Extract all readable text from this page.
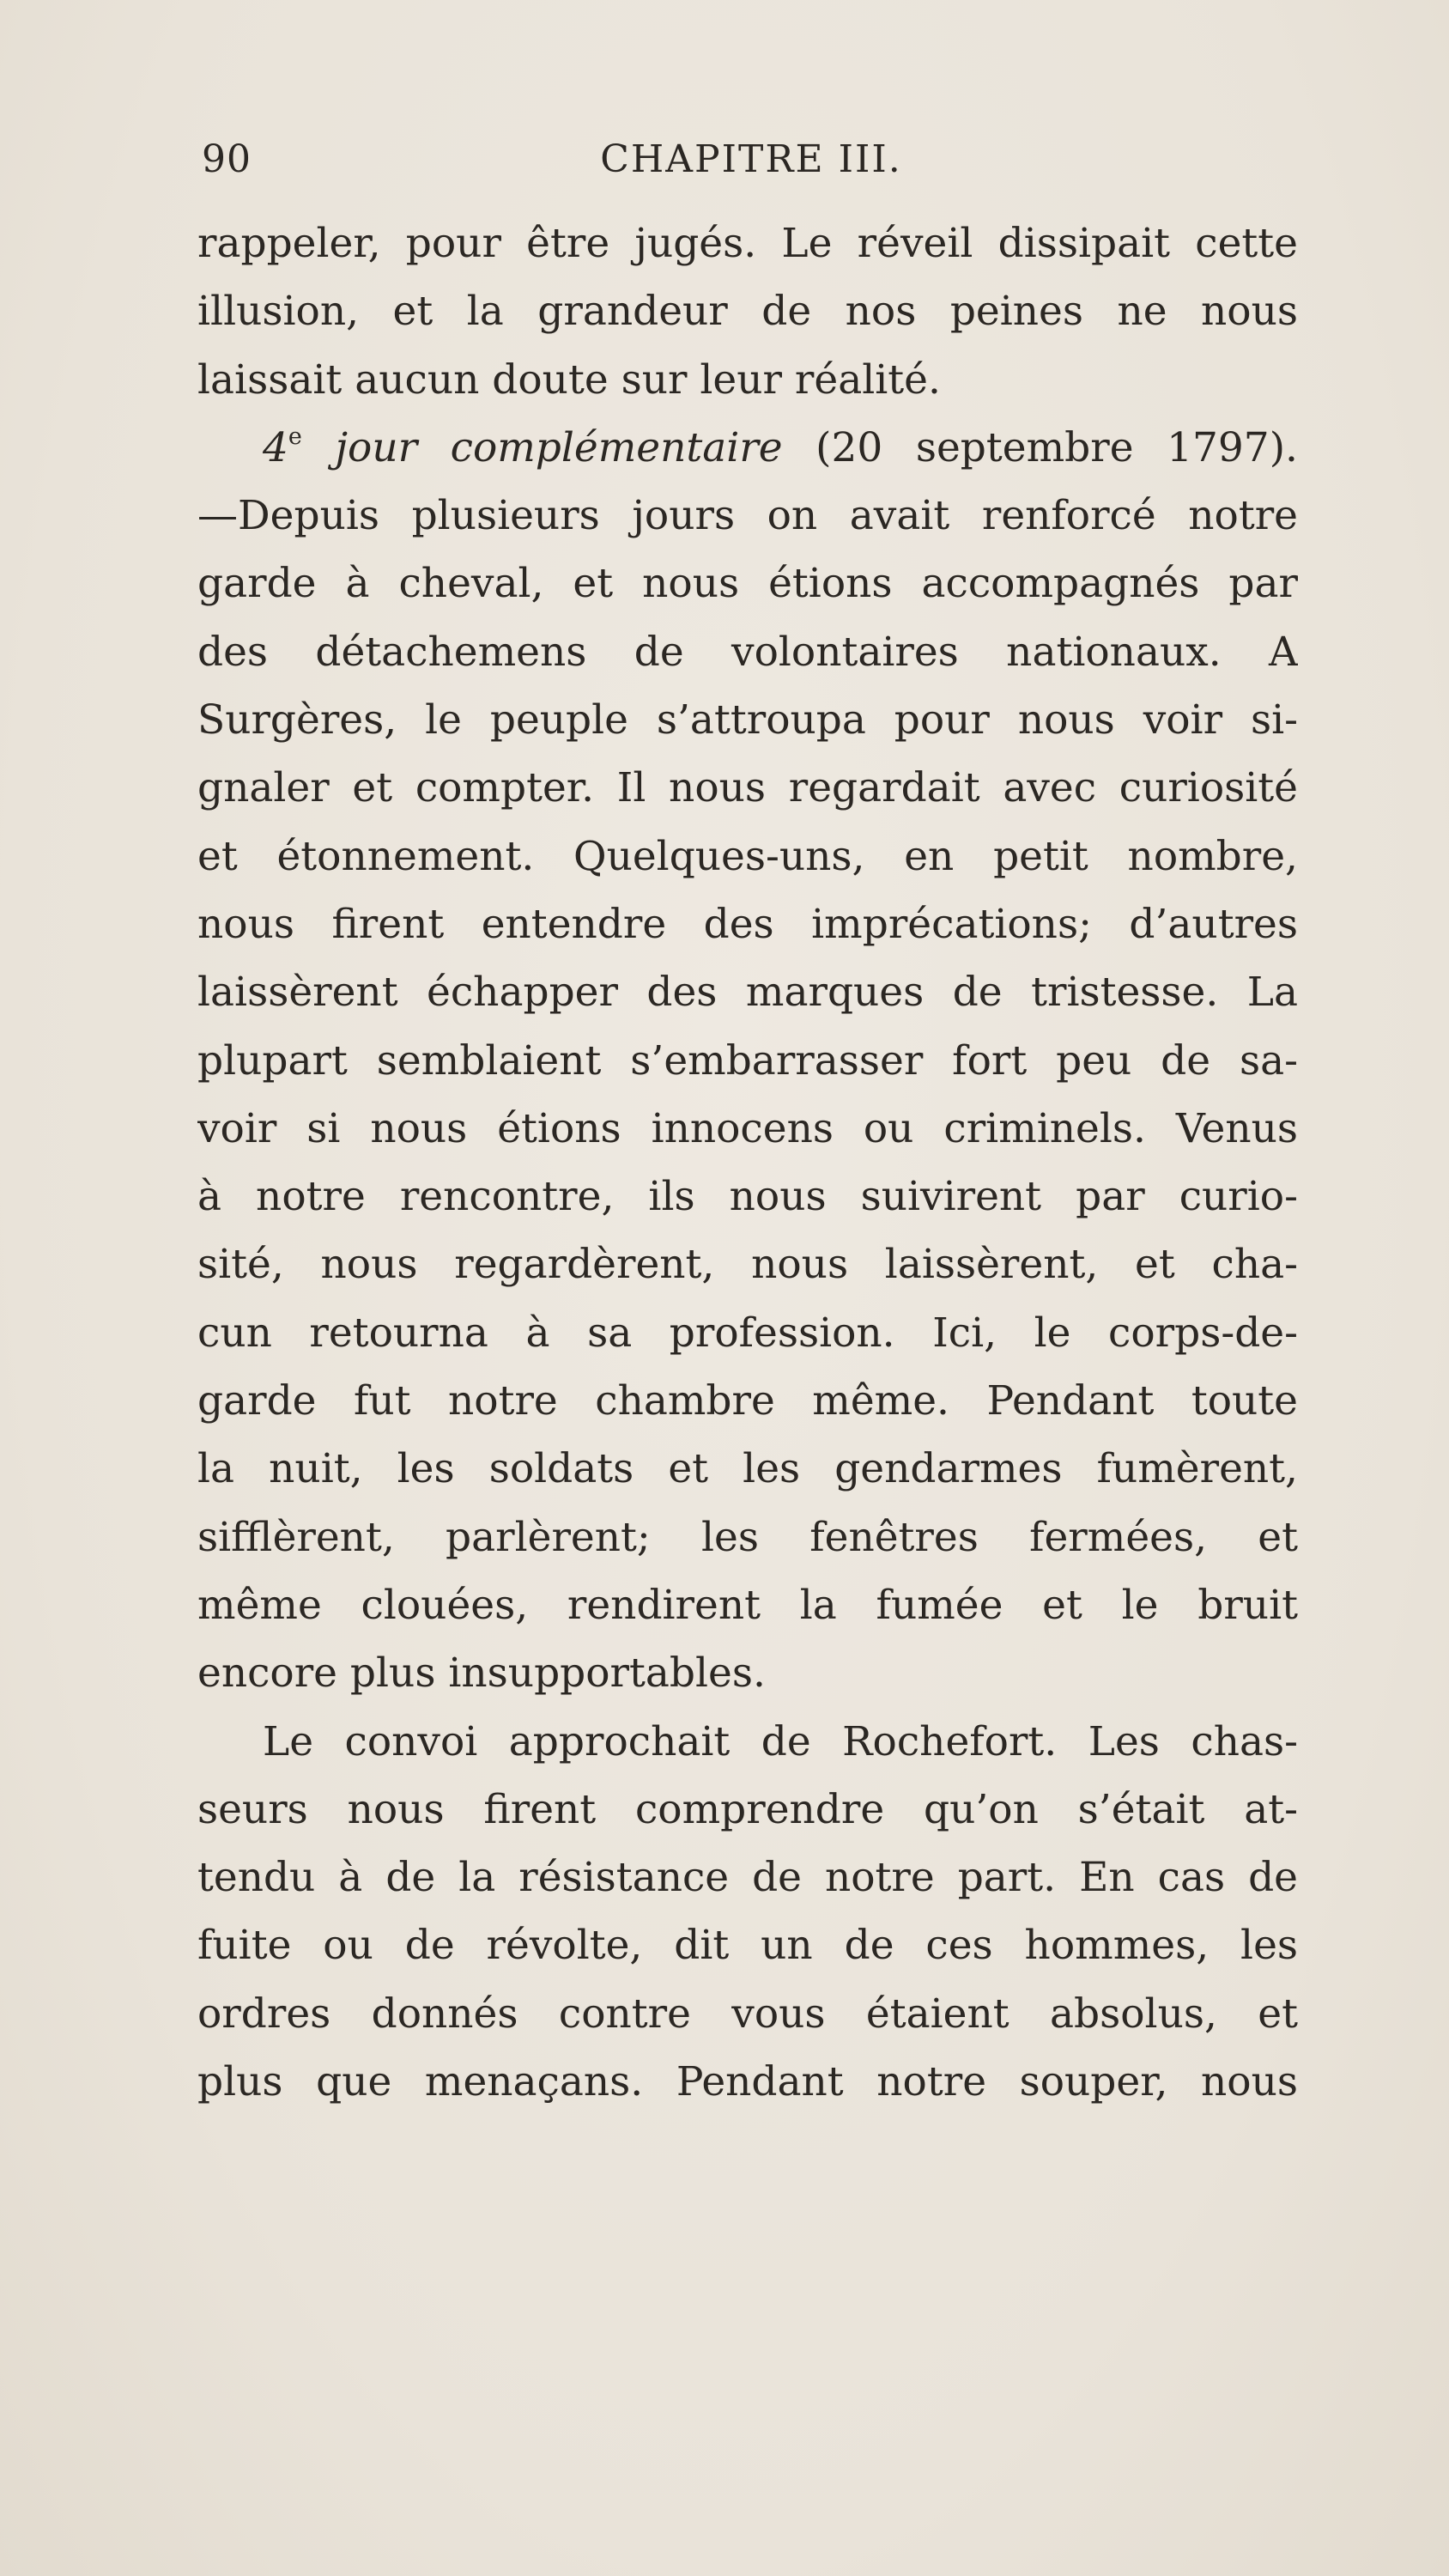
90	CHAPITRE III.
rappeler, pour être jugés. Le réveil dissipait cette
illusion, et la grandeur de nos peines ne nous
laissait aucun doute sur leur réalité.
4e jour complémentaire (20 septembre 1797).
—Depuis plusieurs jours on avait renforcé notre
garde à cheval, et nous étions accompagnés par
des détachemens de volontaires nationaux. A
Surgères, le peuple s’attroupa pour nous voir si-
gnaler et compter. Il nous regardait avec curiosité
et étonnement. Quelques-uns, en petit nombre,
nous firent entendre des imprécations; d’autres
laissèrent échapper des marques de tristesse. La
plupart semblaient s’embarrasser fort peu de sa-
voir si nous étions innocens ou criminels. Venus
à notre rencontre, ils nous suivirent par curio-
sité, nous regardèrent, nous laissèrent, et cha-
cun retourna à sa profession. Ici, le corps-de-
garde fut notre chambre même. Pendant toute
la nuit, les soldats et les gendarmes fumèrent,
sifflèrent, parlèrent; les fenêtres fermées, et
même clouées, rendirent la fumée et le bruit
encore plus insupportables.
Le convoi approchait de Rochefort. Les chas-
seurs nous firent comprendre qu’on s’était at-
tendu à de la résistance de notre part. En cas de
fuite ou de révolte, dit un de ces hommes, les
ordres donnés contre vous étaient absolus, et
plus que menaçans. Pendant notre souper, nous
